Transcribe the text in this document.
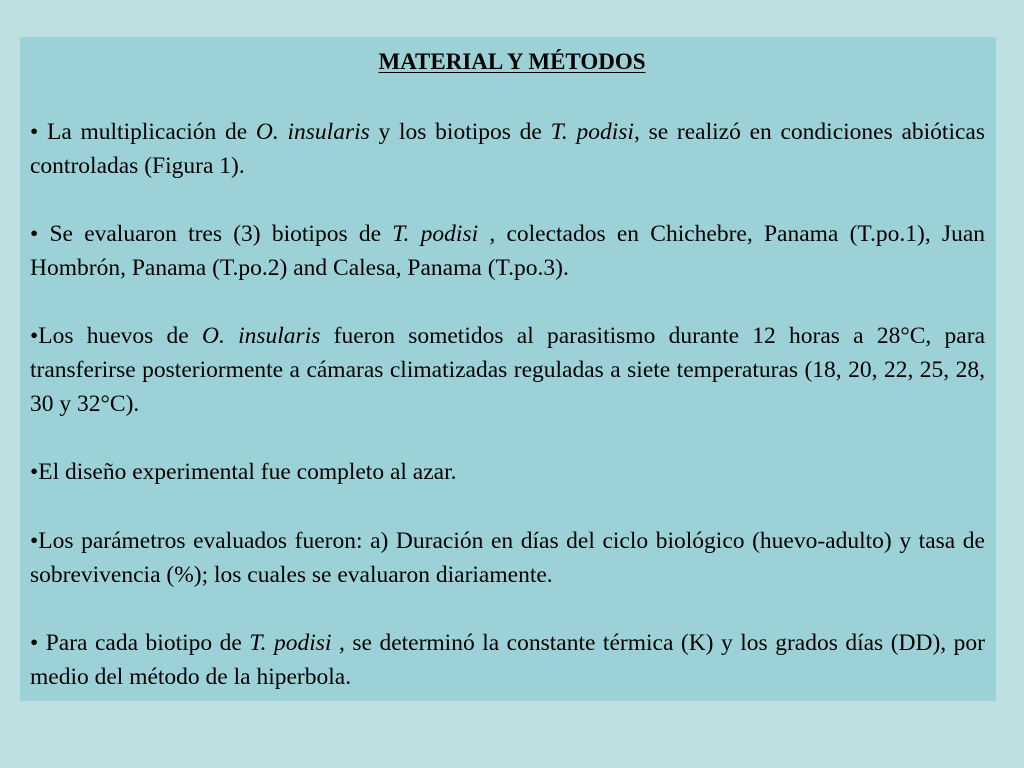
MATERIAL Y MÉTODOS

• La multiplicación de O. insularis y los biotipos de T. podisi, se realizó en condiciones abióticas controladas (Figura 1).

• Se evaluaron tres (3) biotipos de T. podisi , colectados en Chichebre, Panama (T.po.1), Juan Hombrón, Panama (T.po.2) and Calesa, Panama (T.po.3).

•Los huevos de O. insularis fueron sometidos al parasitismo durante 12 horas a 28°C, para transferirse posteriormente a cámaras climatizadas reguladas a siete temperaturas (18, 20, 22, 25, 28, 30 y 32°C).

•El diseño experimental fue completo al azar.

•Los parámetros evaluados fueron: a) Duración en días del ciclo biológico (huevo-adulto) y tasa de sobrevivencia (%); los cuales se evaluaron diariamente.

• Para cada biotipo de T. podisi , se determinó la constante térmica (K) y los grados días (DD), por medio del método de la hiperbola.
